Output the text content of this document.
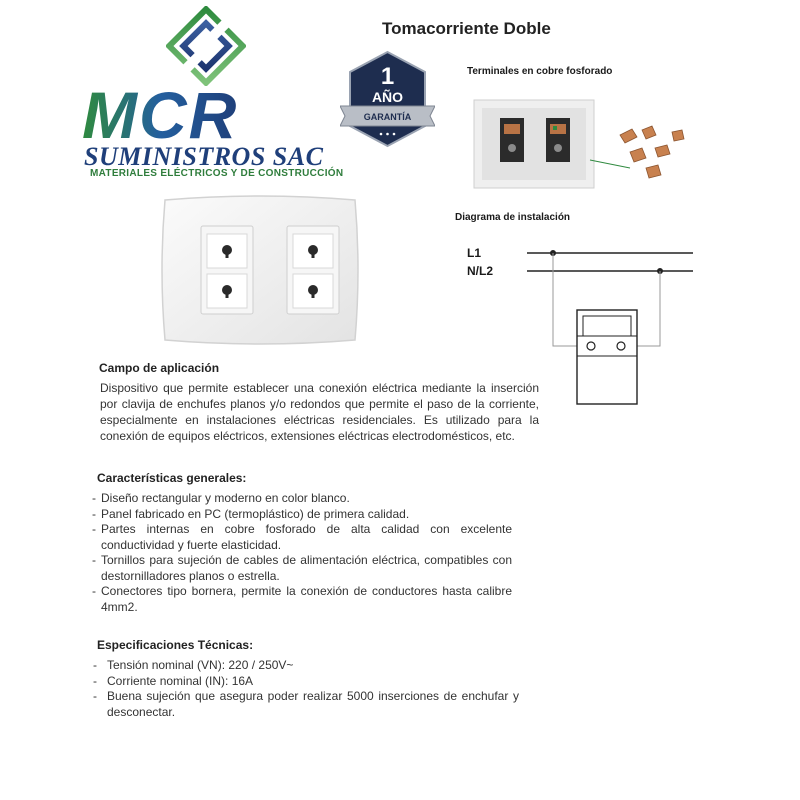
MCR
SUMINISTROS SAC
MATERIALES ELÉCTRICOS Y DE CONSTRUCCIÓN
1
AÑO
GARANTÍA
Tomacorriente Doble
Terminales en cobre fosforado
Diagrama de instalación
L1
N/L2
Campo de aplicación
Dispositivo que permite establecer una conexión eléctrica mediante la inserción por clavija de enchufes planos y/o redondos que permite el paso de la corriente, especialmente en instalaciones eléctricas residenciales. Es utilizado para la conexión de equipos eléctricos, extensiones eléctricas electrodomésticos, etc.
Características generales:
- Diseño rectangular y moderno en color blanco.
- Panel fabricado en PC (termoplástico) de primera calidad.
- Partes internas en cobre fosforado de alta calidad con excelente conductividad y fuerte elasticidad.
- Tornillos para sujeción de cables de alimentación eléctrica, compatibles con destornilladores planos o estrella.
- Conectores tipo bornera, permite la conexión de conductores hasta calibre 4mm2.
Especificaciones Técnicas:
- Tensión nominal (VN): 220 / 250V~
- Corriente nominal (IN): 16A
- Buena sujeción que asegura poder realizar 5000 inserciones de enchufar y desconectar.
